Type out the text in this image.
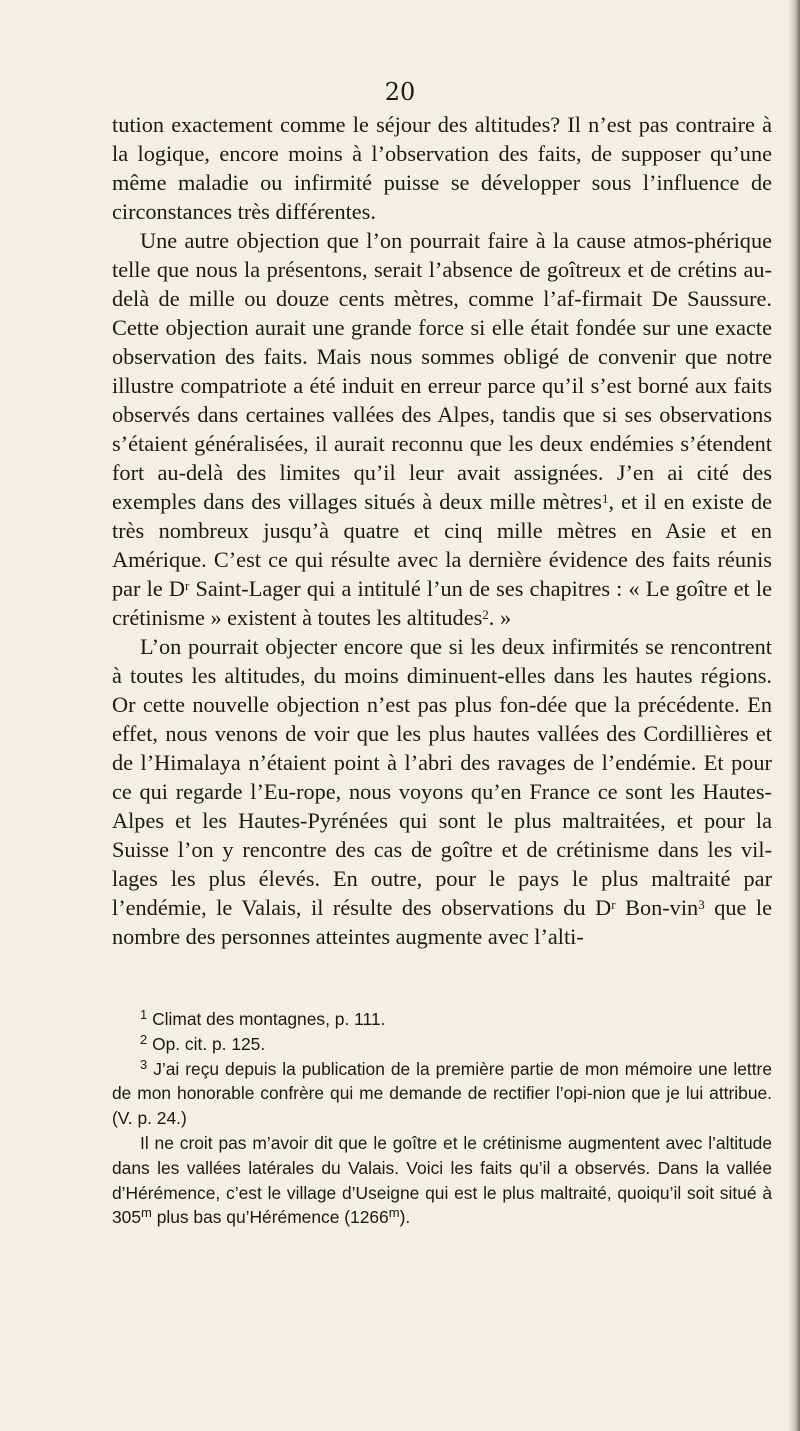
20

tution exactement comme le séjour des altitudes? Il n’est pas contraire à la logique, encore moins à l’observation des faits, de supposer qu’une même maladie ou infirmité puisse se développer sous l’influence de circonstances très différentes.

Une autre objection que l’on pourrait faire à la cause atmos-phérique telle que nous la présentons, serait l’absence de goîtreux et de crétins au-delà de mille ou douze cents mètres, comme l’af-firmait De Saussure. Cette objection aurait une grande force si elle était fondée sur une exacte observation des faits. Mais nous sommes obligé de convenir que notre illustre compatriote a été induit en erreur parce qu’il s’est borné aux faits observés dans certaines vallées des Alpes, tandis que si ses observations s’étaient généralisées, il aurait reconnu que les deux endémies s’étendent fort au-delà des limites qu’il leur avait assignées. J’en ai cité des exemples dans des villages situés à deux mille mètres$^1$, et il en existe de très nombreux jusqu’à quatre et cinq mille mètres en Asie et en Amérique. C’est ce qui résulte avec la dernière évidence des faits réunis par le $D^r$ Saint-Lager qui a intitulé l’un de ses chapitres : « Le goître et le crétinisme » existent à toutes les altitudes$^2$. »

L’on pourrait objecter encore que si les deux infirmités se rencontrent à toutes les altitudes, du moins diminuent-elles dans les hautes régions. Or cette nouvelle objection n’est pas plus fon-dée que la précédente. En effet, nous venons de voir que les plus hautes vallées des Cordillières et de l’Himalaya n’étaient point à l’abri des ravages de l’endémie. Et pour ce qui regarde l’Eu-rope, nous voyons qu’en France ce sont les Hautes-Alpes et les Hautes-Pyrénées qui sont le plus maltraitées, et pour la Suisse l’on y rencontre des cas de goître et de crétinisme dans les vil-lages les plus élevés. En outre, pour le pays le plus maltraité par l’endémie, le Valais, il résulte des observations du $D^r$ Bon-vin$^3$ que le nombre des personnes atteintes augmente avec l’alti-

$^1$ Climat des montagnes, p. 111.

$^2$ Op. cit. p. 125.

$^3$ J’ai reçu depuis la publication de la première partie de mon mémoire une lettre de mon honorable confrère qui me demande de rectifier l’opi-nion que je lui attribue. (V. p. 24.)

Il ne croit pas m’avoir dit que le goître et le crétinisme augmentent avec l’altitude dans les vallées latérales du Valais. Voici les faits qu’il a observés. Dans la vallée d’Hérémence, c’est le village d’Useigne qui est le plus maltraité, quoiqu’il soit situé à 305$^m$ plus bas qu’Hérémence (1266$^m$).
